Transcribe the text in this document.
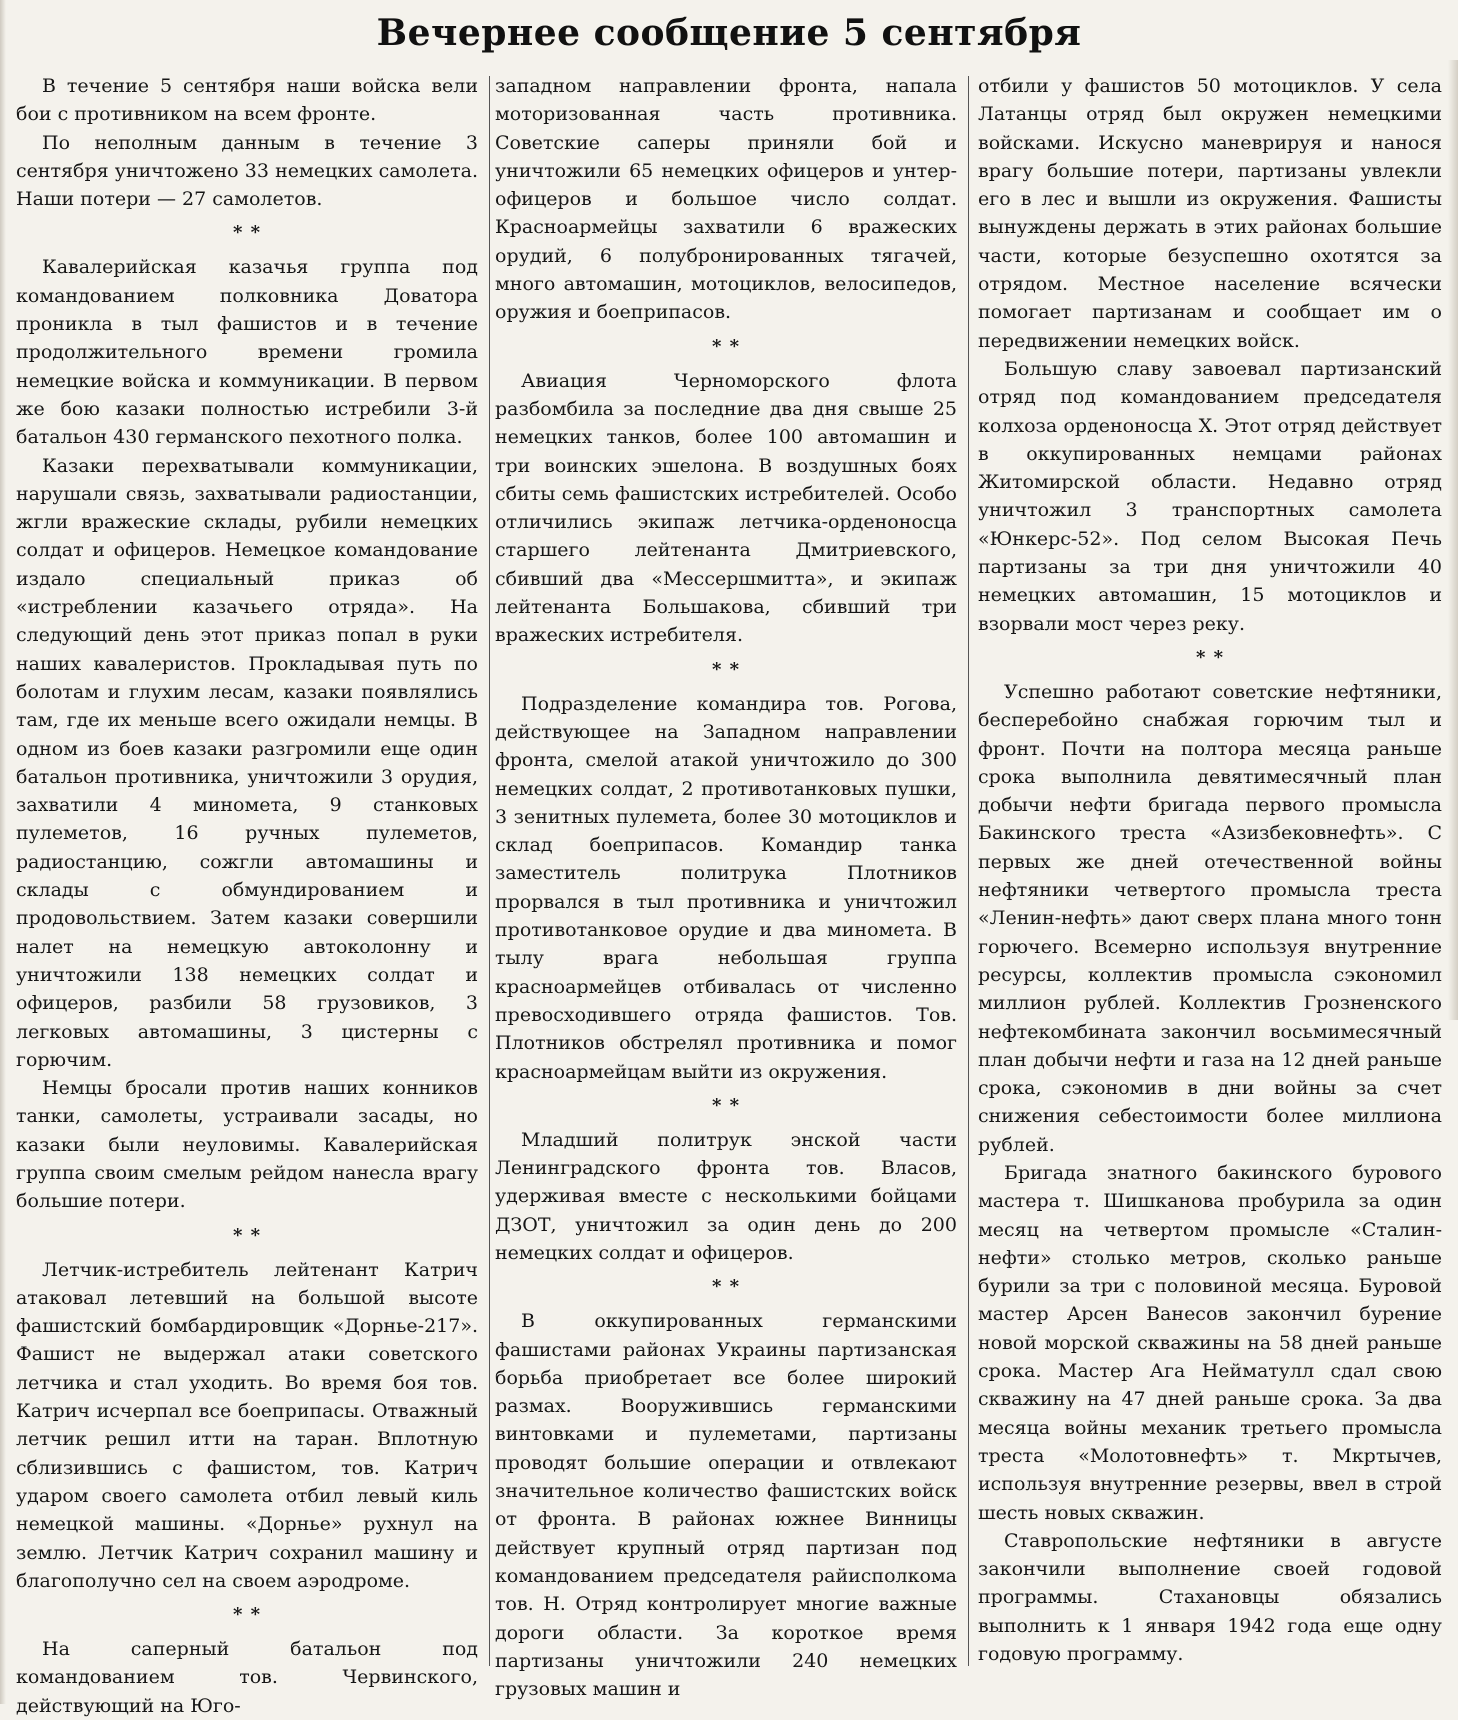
Вечернее сообщение 5 сентября

В течение 5 сентября наши войска вели бои с противником на всем фронте.

По неполным данным в течение 3 сентября уничтожено 33 немецких самолета. Наши потери — 27 самолетов.

* *

Кавалерийская казачья группа под командованием полковника Доватора проникла в тыл фашистов и в течение продолжительного времени громила немецкие войска и коммуникации. В первом же бою казаки полностью истребили 3-й батальон 430 германского пехотного полка.

Казаки перехватывали коммуникации, нарушали связь, захватывали радиостанции, жгли вражеские склады, рубили немецких солдат и офицеров. Немецкое командование издало специальный приказ об «истреблении казачьего отряда». На следующий день этот приказ попал в руки наших кавалеристов. Прокладывая путь по болотам и глухим лесам, казаки появлялись там, где их меньше всего ожидали немцы. В одном из боев казаки разгромили еще один батальон противника, уничтожили 3 орудия, захватили 4 миномета, 9 станковых пулеметов, 16 ручных пулеметов, радиостанцию, сожгли автомашины и склады с обмундированием и продовольствием. Затем казаки совершили налет на немецкую автоколонну и уничтожили 138 немецких солдат и офицеров, разбили 58 грузовиков, 3 легковых автомашины, 3 цистерны с горючим.

Немцы бросали против наших конников танки, самолеты, устраивали засады, но казаки были неуловимы. Кавалерийская группа своим смелым рейдом нанесла врагу большие потери.

* *

Летчик-истребитель лейтенант Катрич атаковал летевший на большой высоте фашистский бомбардировщик «Дорнье-217». Фашист не выдержал атаки советского летчика и стал уходить. Во время боя тов. Катрич исчерпал все боеприпасы. Отважный летчик решил итти на таран. Вплотную сблизившись с фашистом, тов. Катрич ударом своего самолета отбил левый киль немецкой машины. «Дорнье» рухнул на землю. Летчик Катрич сохранил машину и благополучно сел на своем аэродроме.

* *

На саперный батальон под командованием тов. Червинского, действующий на Юго-

западном направлении фронта, напала моторизованная часть противника. Советские саперы приняли бой и уничтожили 65 немецких офицеров и унтер-офицеров и большое число солдат. Красноармейцы захватили 6 вражеских орудий, 6 полубронированных тягачей, много автомашин, мотоциклов, велосипедов, оружия и боеприпасов.

* *

Авиация Черноморского флота разбомбила за последние два дня свыше 25 немецких танков, более 100 автомашин и три воинских эшелона. В воздушных боях сбиты семь фашистских истребителей. Особо отличились экипаж летчика-орденоносца старшего лейтенанта Дмитриевского, сбивший два «Мессершмитта», и экипаж лейтенанта Большакова, сбивший три вражеских истребителя.

* *

Подразделение командира тов. Рогова, действующее на Западном направлении фронта, смелой атакой уничтожило до 300 немецких солдат, 2 противотанковых пушки, 3 зенитных пулемета, более 30 мотоциклов и склад боеприпасов. Командир танка заместитель политрука Плотников прорвался в тыл противника и уничтожил противотанковое орудие и два миномета. В тылу врага небольшая группа красноармейцев отбивалась от численно превосходившего отряда фашистов. Тов. Плотников обстрелял противника и помог красноармейцам выйти из окружения.

* *

Младший политрук энской части Ленинградского фронта тов. Власов, удерживая вместе с несколькими бойцами ДЗОТ, уничтожил за один день до 200 немецких солдат и офицеров.

* *

В оккупированных германскими фашистами районах Украины партизанская борьба приобретает все более широкий размах. Вооружившись германскими винтовками и пулеметами, партизаны проводят большие операции и отвлекают значительное количество фашистских войск от фронта. В районах южнее Винницы действует крупный отряд партизан под командованием председателя райисполкома тов. Н. Отряд контролирует многие важные дороги области. За короткое время партизаны уничтожили 240 немецких грузовых машин и

отбили у фашистов 50 мотоциклов. У села Латанцы отряд был окружен немецкими войсками. Искусно маневрируя и нанося врагу большие потери, партизаны увлекли его в лес и вышли из окружения. Фашисты вынуждены держать в этих районах большие части, которые безуспешно охотятся за отрядом. Местное население всячески помогает партизанам и сообщает им о передвижении немецких войск.

Большую славу завоевал партизанский отряд под командованием председателя колхоза орденоносца Х. Этот отряд действует в оккупированных немцами районах Житомирской области. Недавно отряд уничтожил 3 транспортных самолета «Юнкерс-52». Под селом Высокая Печь партизаны за три дня уничтожили 40 немецких автомашин, 15 мотоциклов и взорвали мост через реку.

* *

Успешно работают советские нефтяники, бесперебойно снабжая горючим тыл и фронт. Почти на полтора месяца раньше срока выполнила девятимесячный план добычи нефти бригада первого промысла Бакинского треста «Азизбековнефть». С первых же дней отечественной войны нефтяники четвертого промысла треста «Ленин-нефть» дают сверх плана много тонн горючего. Всемерно используя внутренние ресурсы, коллектив промысла сэкономил миллион рублей. Коллектив Грозненского нефтекомбината закончил восьмимесячный план добычи нефти и газа на 12 дней раньше срока, сэкономив в дни войны за счет снижения себестоимости более миллиона рублей.

Бригада знатного бакинского бурового мастера т. Шишканова пробурила за один месяц на четвертом промысле «Сталин-нефти» столько метров, сколько раньше бурили за три с половиной месяца. Буровой мастер Арсен Ванесов закончил бурение новой морской скважины на 58 дней раньше срока. Мастер Ага Нейматулл сдал свою скважину на 47 дней раньше срока. За два месяца войны механик третьего промысла треста «Молотовнефть» т. Мкртычев, используя внутренние резервы, ввел в строй шесть новых скважин.

Ставропольские нефтяники в августе закончили выполнение своей годовой программы. Стахановцы обязались выполнить к 1 января 1942 года еще одну годовую программу.
